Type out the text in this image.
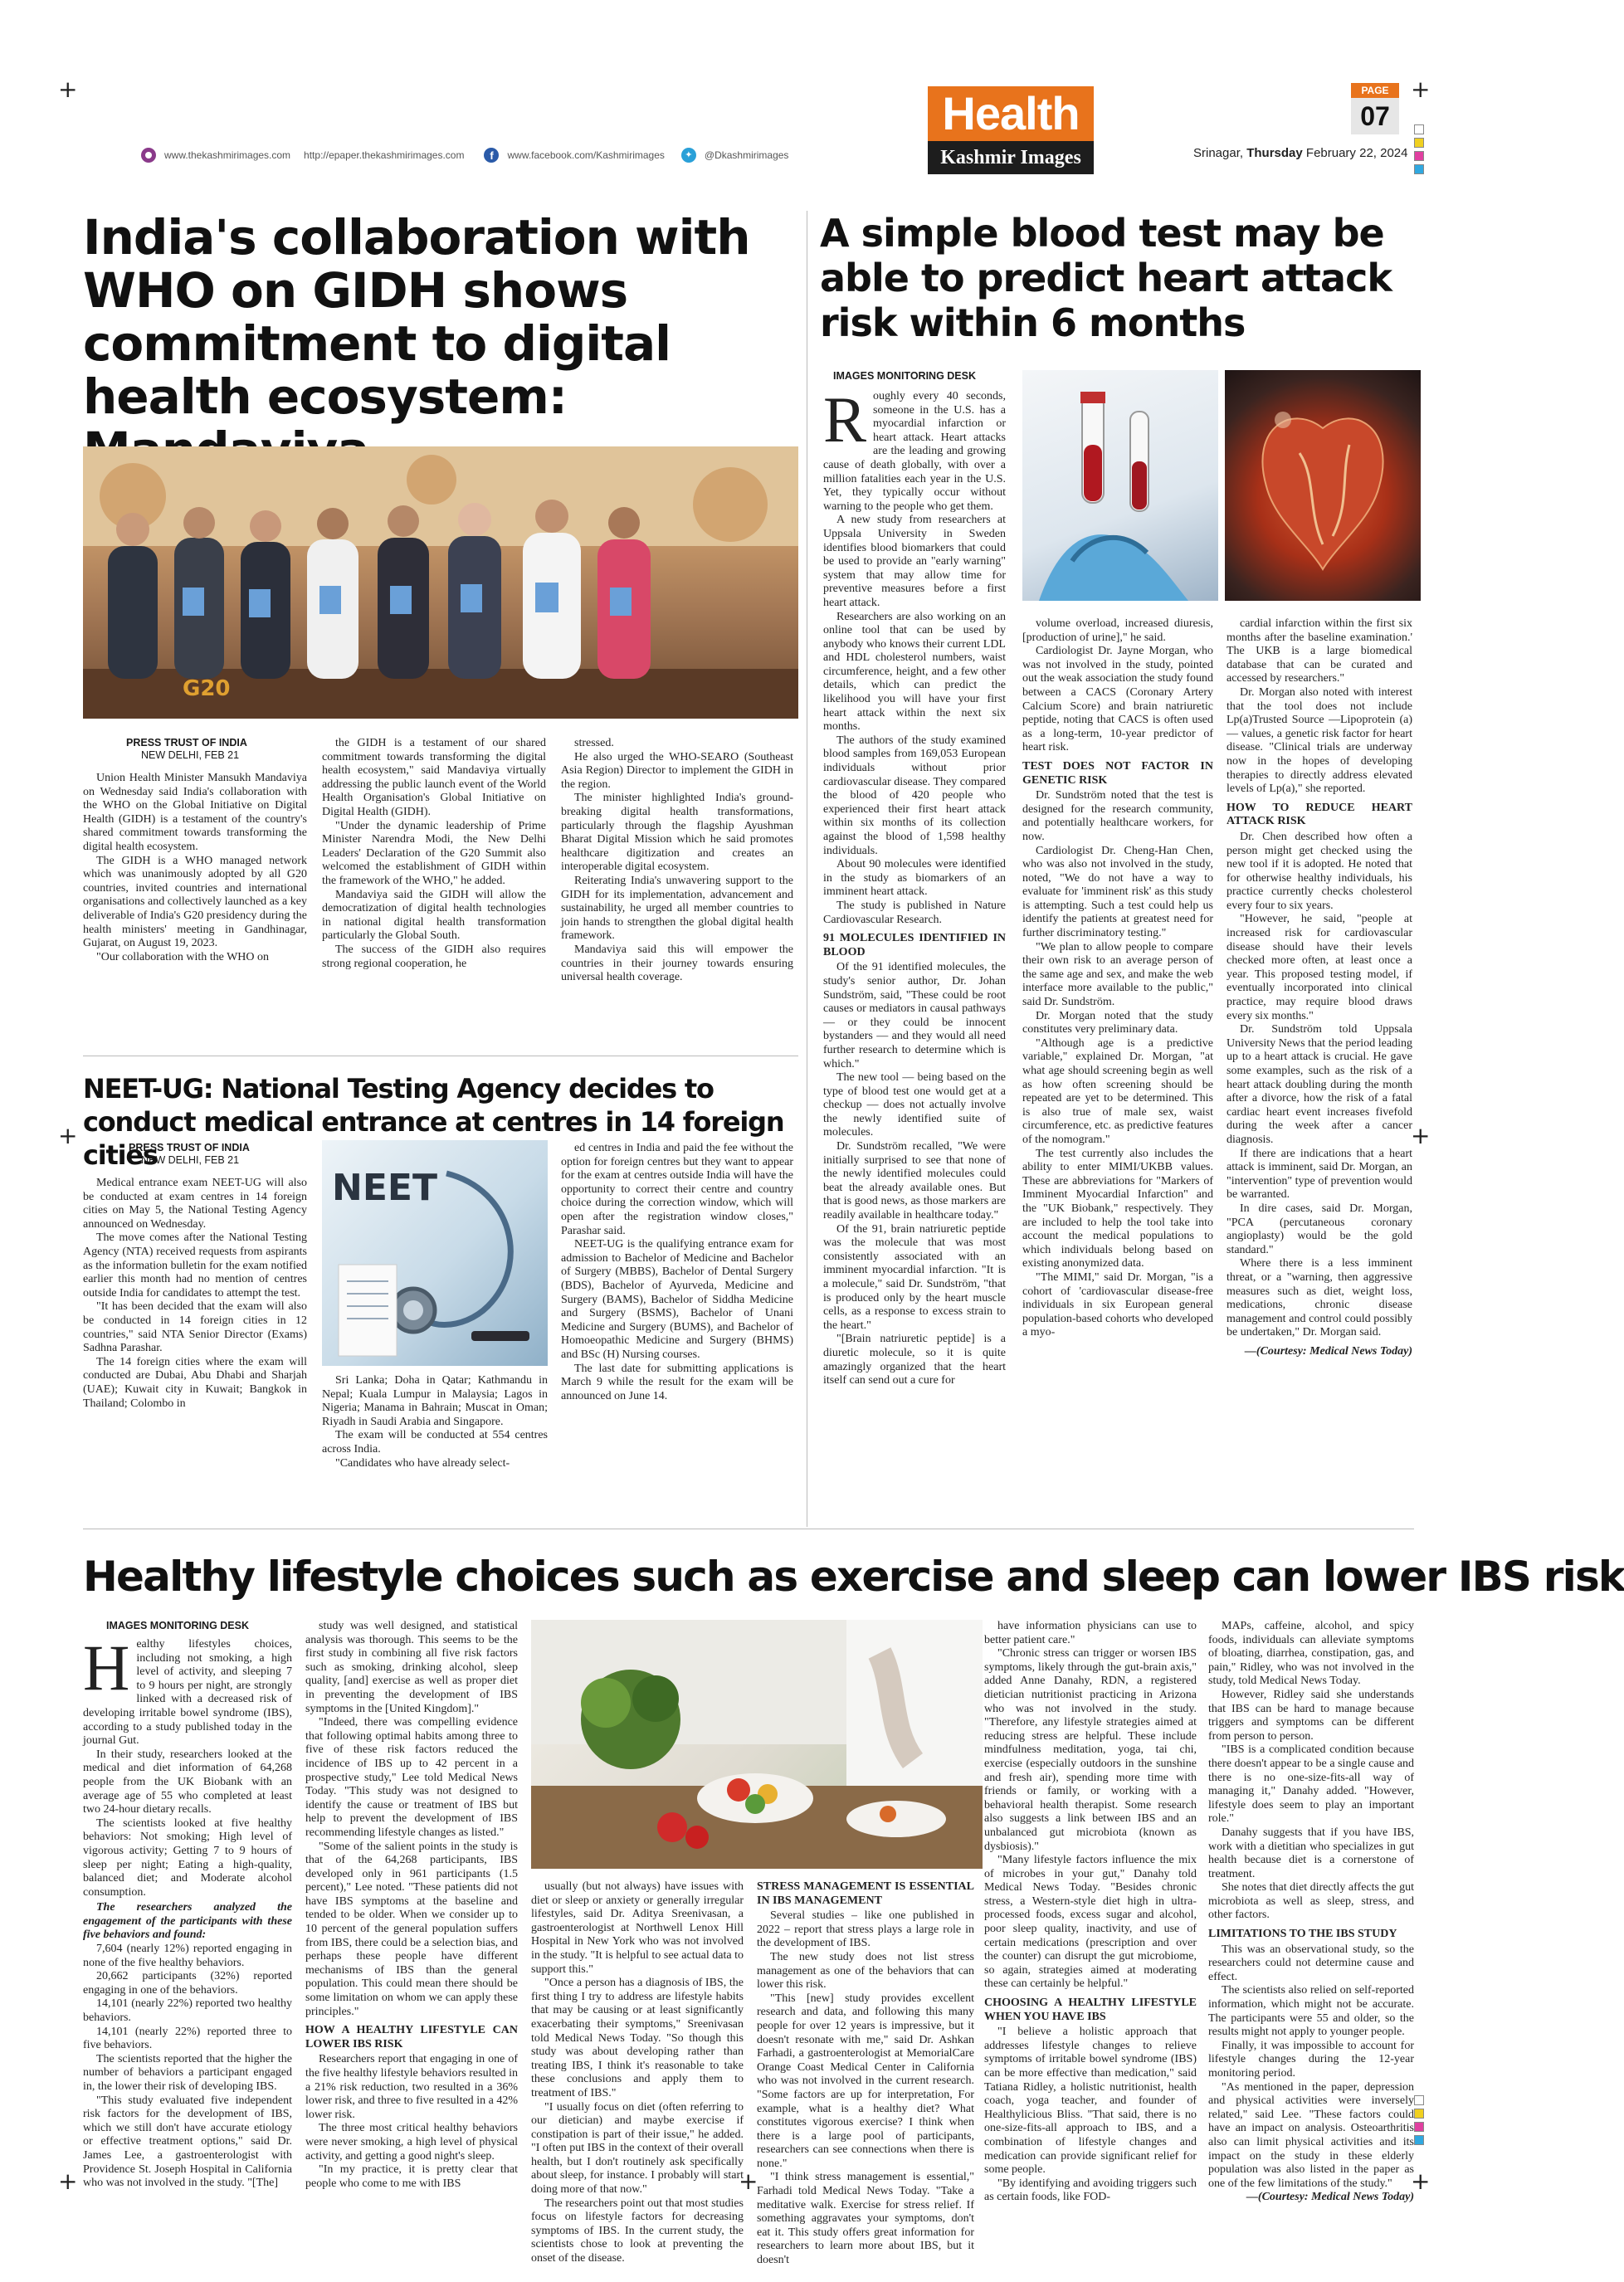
+	+
+	+
+	+	+
www.thekashmirimages.com http://epaper.thekashmirimages.com	f	www.facebook.com/Kashmirimages	✦	@Dkashmirimages
Health
Kashmir Images
PAGE
07
Srinagar, Thursday February 22, 2024
India's collaboration with WHO on GIDH shows commitment to digital health ecosystem:
G20
PRESS TRUST OF INDIA
NEW DELHI, FEB 21

Union Health Minister Mansukh Mandaviya on Wednesday said India's collaboration with the WHO on the Global Initiative on Digital Health (GIDH) is a testament of the country's shared commitment towards transforming the digital health ecosystem.

The GIDH is a WHO managed network which was unanimously adopted by all G20 countries, invited countries and international organisations and collectively launched as a key deliverable of India's G20 presidency during the health ministers' meeting in Gandhinagar, Gujarat, on August 19, 2023.

"Our collaboration with the WHO on

the GIDH is a testament of our shared commitment towards transforming the digital health ecosystem," said Mandaviya virtually addressing the public launch event of the World Health Organisation's Global Initiative on Digital Health (GIDH).

"Under the dynamic leadership of Prime Minister Narendra Modi, the New Delhi Leaders' Declaration of the G20 Summit also welcomed the establishment of GIDH within the framework of the WHO," he added.

Mandaviya said the GIDH will allow the democratization of digital health technologies in national digital health transformation particularly the Global South.

The success of the GIDH also requires strong regional cooperation, he

stressed.

He also urged the WHO-SEARO (Southeast Asia Region) Director to implement the GIDH in the region.

The minister highlighted India's ground-breaking digital health transformations, particularly through the flagship Ayushman Bharat Digital Mission which he said promotes healthcare digitization and creates an interoperable digital ecosystem.

Reiterating India's unwavering support to the GIDH for its implementation, advancement and sustainability, he urged all member countries to join hands to strengthen the global digital health framework.

Mandaviya said this will empower the countries in their journey towards ensuring universal health coverage.

NEET-UG: National Testing Agency decides to conduct medical entrance at centres in 14 foreign cities
PRESS TRUST OF INDIA
NEW DELHI, FEB 21

Medical entrance exam NEET-UG will also be conducted at exam centres in 14 foreign cities on May 5, the National Testing Agency announced on Wednesday.

The move comes after the National Testing Agency (NTA) received requests from aspirants as the information bulletin for the exam notified earlier this month had no mention of centres outside India for candidates to attempt the test.

"It has been decided that the exam will also be conducted in 14 foreign cities in 12 countries," said NTA Senior Director (Exams) Sadhna Parashar.

The 14 foreign cities where the exam will conducted are Dubai, Abu Dhabi and Sharjah (UAE); Kuwait city in Kuwait; Bangkok in Thailand; Colombo in

NEET

Sri Lanka; Doha in Qatar; Kathmandu in Nepal; Kuala Lumpur in Malaysia; Lagos in Nigeria; Manama in Bahrain; Muscat in Oman; Riyadh in Saudi Arabia and Singapore.

The exam will be conducted at 554 centres across India.

"Candidates who have already select-

ed centres in India and paid the fee without the option for foreign centres but they want to appear for the exam at centres outside India will have the opportunity to correct their centre and country choice during the correction window, which will open after the registration window closes," Parashar said.

NEET-UG is the qualifying entrance exam for admission to Bachelor of Medicine and Bachelor of Surgery (MBBS), Bachelor of Dental Surgery (BDS), Bachelor of Ayurveda, Medicine and Surgery (BAMS), Bachelor of Siddha Medicine and Surgery (BSMS), Bachelor of Unani Medicine and Surgery (BUMS), and Bachelor of Homoeopathic Medicine and Surgery (BHMS) and BSc (H) Nursing courses.

The last date for submitting applications is March 9 while the result for the exam will be announced on June 14.

A simple blood test may be able to predict heart attack risk within 6 months
IMAGES MONITORING DESK
R oughly every 40 seconds, someone in the U.S. has a myocardial infarction or heart attack. Heart attacks are the leading and growing cause of death globally, with over a million fatalities each year in the U.S. Yet, they typically occur without warning to the people who get them.

A new study from researchers at Uppsala University in Sweden identifies blood biomarkers that could be used to provide an "early warning" system that may allow time for preventive measures before a first heart attack.

Researchers are also working on an online tool that can be used by anybody who knows their current LDL and HDL cholesterol numbers, waist circumference, height, and a few other details, which can predict the likelihood you will have your first heart attack within the next six months.

The authors of the study examined blood samples from 169,053 European individuals without prior cardiovascular disease. They compared the blood of 420 people who experienced their first heart attack within six months of its collection against the blood of 1,598 healthy individuals.

About 90 molecules were identified in the study as biomarkers of an imminent heart attack.

The study is published in Nature Cardiovascular Research.

91 MOLECULES IDENTIFIED IN BLOOD

Of the 91 identified molecules, the study's senior author, Dr. Johan Sundström, said, "These could be root causes or mediators in causal pathways — or they could be innocent bystanders — and they would all need further research to determine which is which."

The new tool — being based on the type of blood test one would get at a checkup — does not actually involve the newly identified suite of molecules.

Dr. Sundström recalled, "We were initially surprised to see that none of the newly identified molecules could beat the already available ones. But that is good news, as those markers are readily available in healthcare today."

Of the 91, brain natriuretic peptide was the molecule that was most consistently associated with an imminent myocardial infarction. "It is a molecule," said Dr. Sundström, "that is produced only by the heart muscle cells, as a response to excess strain to the heart."

"[Brain natriuretic peptide] is a diuretic molecule, so it is quite amazingly organized that the heart itself can send out a cure for

volume overload, increased diuresis, [production of urine]," he said.

Cardiologist Dr. Jayne Morgan, who was not involved in the study, pointed out the weak association the study found between a CACS (Coronary Artery Calcium Score) and brain natriuretic peptide, noting that CACS is often used as a long-term, 10-year predictor of heart risk.

TEST DOES NOT FACTOR IN GENETIC RISK

Dr. Sundström noted that the test is designed for the research community, and potentially healthcare workers, for now.

Cardiologist Dr. Cheng-Han Chen, who was also not involved in the study, noted, "We do not have a way to evaluate for 'imminent risk' as this study is attempting. Such a test could help us identify the patients at greatest need for further discriminatory testing."

"We plan to allow people to compare their own risk to an average person of the same age and sex, and make the web interface more available to the public," said Dr. Sundström.

Dr. Morgan noted that the study constitutes very preliminary data.

"Although age is a predictive variable," explained Dr. Morgan, "at what age should screening begin as well as how often screening should be repeated are yet to be determined. This is also true of male sex, waist circumference, etc. as predictive features of the nomogram."

The test currently also includes the ability to enter MIMI/UKBB values. These are abbreviations for "Markers of Imminent Myocardial Infarction" and the "UK Biobank," respectively. They are included to help the tool take into account the medical populations to which individuals belong based on existing anonymized data.

"The MIMI," said Dr. Morgan, "is a cohort of 'cardiovascular disease-free individuals in six European general population-based cohorts who developed a myo-

cardial infarction within the first six months after the baseline examination.' The UKB is a large biomedical database that can be curated and accessed by researchers."

Dr. Morgan also noted with interest that the tool does not include Lp(a)Trusted Source —Lipoprotein (a) — values, a genetic risk factor for heart disease. "Clinical trials are underway now in the hopes of developing therapies to directly address elevated levels of Lp(a)," she reported.

HOW TO REDUCE HEART ATTACK RISK

Dr. Chen described how often a person might get checked using the new tool if it is adopted. He noted that for otherwise healthy individuals, his practice currently checks cholesterol every four to six years.

"However, he said, "people at increased risk for cardiovascular disease should have their levels checked more often, at least once a year. This proposed testing model, if eventually incorporated into clinical practice, may require blood draws every six months."

Dr. Sundström told Uppsala University News that the period leading up to a heart attack is crucial. He gave some examples, such as the risk of a heart attack doubling during the month after a divorce, how the risk of a fatal cardiac heart event increases fivefold during the week after a cancer diagnosis.

If there are indications that a heart attack is imminent, said Dr. Morgan, an "intervention" type of prevention would be warranted.

In dire cases, said Dr. Morgan, "PCA (percutaneous coronary angioplasty) would be the gold standard."

Where there is a less imminent threat, or a "warning, then aggressive measures such as diet, weight loss, medications, chronic disease management and control could possibly be undertaken," Dr. Morgan said.

—(Courtesy: Medical News Today)

Healthy lifestyle choices such as exercise and sleep can lower IBS risk
IMAGES MONITORING DESK
H ealthy lifestyles choices, including not smoking, a high level of activity, and sleeping 7 to 9 hours per night, are strongly linked with a decreased risk of developing irritable bowel syndrome (IBS), according to a study published today in the journal Gut.

In their study, researchers looked at the medical and diet information of 64,268 people from the UK Biobank with an average age of 55 who completed at least two 24-hour dietary recalls.

The scientists looked at five healthy behaviors: Not smoking; High level of vigorous activity; Getting 7 to 9 hours of sleep per night; Eating a high-quality, balanced diet; and Moderate alcohol consumption.

The researchers analyzed the engagement of the participants with these five behaviors and found:

7,604 (nearly 12%) reported engaging in none of the five healthy behaviors.

20,662 participants (32%) reported engaging in one of the behaviors.

14,101 (nearly 22%) reported two healthy behaviors.

14,101 (nearly 22%) reported three to five behaviors.

The scientists reported that the higher the number of behaviors a participant engaged in, the lower their risk of developing IBS.

"This study evaluated five independent risk factors for the development of IBS, which we still don't have accurate etiology or effective treatment options," said Dr. James Lee, a gastroenterologist with Providence St. Joseph Hospital in California who was not involved in the study. "[The]

study was well designed, and statistical analysis was thorough. This seems to be the first study in combining all five risk factors such as smoking, drinking alcohol, sleep quality, [and] exercise as well as proper diet in preventing the development of IBS symptoms in the [United Kingdom]."

"Indeed, there was compelling evidence that following optimal habits among three to five of these risk factors reduced the incidence of IBS up to 42 percent in a prospective study," Lee told Medical News Today. "This study was not designed to identify the cause or treatment of IBS but help to prevent the development of IBS recommending lifestyle changes as listed."

"Some of the salient points in the study is that of the 64,268 participants, IBS developed only in 961 participants (1.5 percent)," Lee noted. "These patients did not have IBS symptoms at the baseline and tended to be older. When we consider up to 10 percent of the general population suffers from IBS, there could be a selection bias, and perhaps these people have different mechanisms of IBS than the general population. This could mean there should be some limitation on whom we can apply these principles."

HOW A HEALTHY LIFESTYLE CAN LOWER IBS RISK

Researchers report that engaging in one of the five healthy lifestyle behaviors resulted in a 21% risk reduction, two resulted in a 36% lower risk, and three to five resulted in a 42% lower risk.

The three most critical healthy behaviors were never smoking, a high level of physical activity, and getting a good night's sleep.

"In my practice, it is pretty clear that people who come to me with IBS

usually (but not always) have issues with diet or sleep or anxiety or generally irregular lifestyles, said Dr. Aditya Sreenivasan, a gastroenterologist at Northwell Lenox Hill Hospital in New York who was not involved in the study. "It is helpful to see actual data to support this."

"Once a person has a diagnosis of IBS, the first thing I try to address are lifestyle habits that may be causing or at least significantly exacerbating their symptoms," Sreenivasan told Medical News Today. "So though this study was about developing rather than treating IBS, I think it's reasonable to take these conclusions and apply them to treatment of IBS."

"I usually focus on diet (often referring to our dietician) and maybe exercise if constipation is part of their issue," he added. "I often put IBS in the context of their overall health, but I don't routinely ask specifically about sleep, for instance. I probably will start doing more of that now."

The researchers point out that most studies focus on lifestyle factors for decreasing symptoms of IBS. In the current study, the scientists chose to look at preventing the onset of the disease.

STRESS MANAGEMENT IS ESSENTIAL IN IBS MANAGEMENT

Several studies – like one published in 2022 – report that stress plays a large role in the development of IBS.

The new study does not list stress management as one of the behaviors that can lower this risk.

"This [new] study provides excellent research and data, and following this many people for over 12 years is impressive, but it doesn't resonate with me," said Dr. Ashkan Farhadi, a gastroenterologist at MemorialCare Orange Coast Medical Center in California who was not involved in the current research. "Some factors are up for interpretation, For example, what is a healthy diet? What constitutes vigorous exercise? I think when there is a large pool of participants, researchers can see connections when there is none."

"I think stress management is essential," Farhadi told Medical News Today. "Take a meditative walk. Exercise for stress relief. If something aggravates your symptoms, don't eat it. This study offers great information for researchers to learn more about IBS, but it doesn't

have information physicians can use to better patient care."

"Chronic stress can trigger or worsen IBS symptoms, likely through the gut-brain axis," added Anne Danahy, RDN, a registered dietician nutritionist practicing in Arizona who was not involved in the study. "Therefore, any lifestyle strategies aimed at reducing stress are helpful. These include mindfulness meditation, yoga, tai chi, exercise (especially outdoors in the sunshine and fresh air), spending more time with friends or family, or working with a behavioral health therapist. Some research also suggests a link between IBS and an unbalanced gut microbiota (known as dysbiosis)."

"Many lifestyle factors influence the mix of microbes in your gut," Danahy told Medical News Today. "Besides chronic stress, a Western-style diet high in ultra-processed foods, excess sugar and alcohol, poor sleep quality, inactivity, and use of certain medications (prescription and over the counter) can disrupt the gut microbiome, so again, strategies aimed at moderating these can certainly be helpful."

CHOOSING A HEALTHY LIFESTYLE WHEN YOU HAVE IBS

"I believe a holistic approach that addresses lifestyle changes to relieve symptoms of irritable bowel syndrome (IBS) can be more effective than medication," said Tatiana Ridley, a holistic nutritionist, health coach, yoga teacher, and founder of Healthylicious Bliss. "That said, there is no one-size-fits-all approach to IBS, and a combination of lifestyle changes and medication can provide significant relief for some people.

"By identifying and avoiding triggers such as certain foods, like FOD-

MAPs, caffeine, alcohol, and spicy foods, individuals can alleviate symptoms of bloating, diarrhea, constipation, gas, and pain," Ridley, who was not involved in the study, told Medical News Today.

However, Ridley said she understands that IBS can be hard to manage because triggers and symptoms can be different from person to person.

"IBS is a complicated condition because there doesn't appear to be a single cause and there is no one-size-fits-all way of managing it," Danahy added. "However, lifestyle does seem to play an important role."

Danahy suggests that if you have IBS, work with a dietitian who specializes in gut health because diet is a cornerstone of treatment.

She notes that diet directly affects the gut microbiota as well as sleep, stress, and other factors.

LIMITATIONS TO THE IBS STUDY

This was an observational study, so the researchers could not determine cause and effect.

The scientists also relied on self-reported information, which might not be accurate. The participants were 55 and older, so the results might not apply to younger people.

Finally, it was impossible to account for lifestyle changes during the 12-year monitoring period.

"As mentioned in the paper, depression and physical activities were inversely related," said Lee. "These factors could have an impact on analysis. Osteoarthritis also can limit physical activities and its impact on the study in these elderly population was also listed in the paper as one of the few limitations of the study."

—(Courtesy: Medical News Today)
